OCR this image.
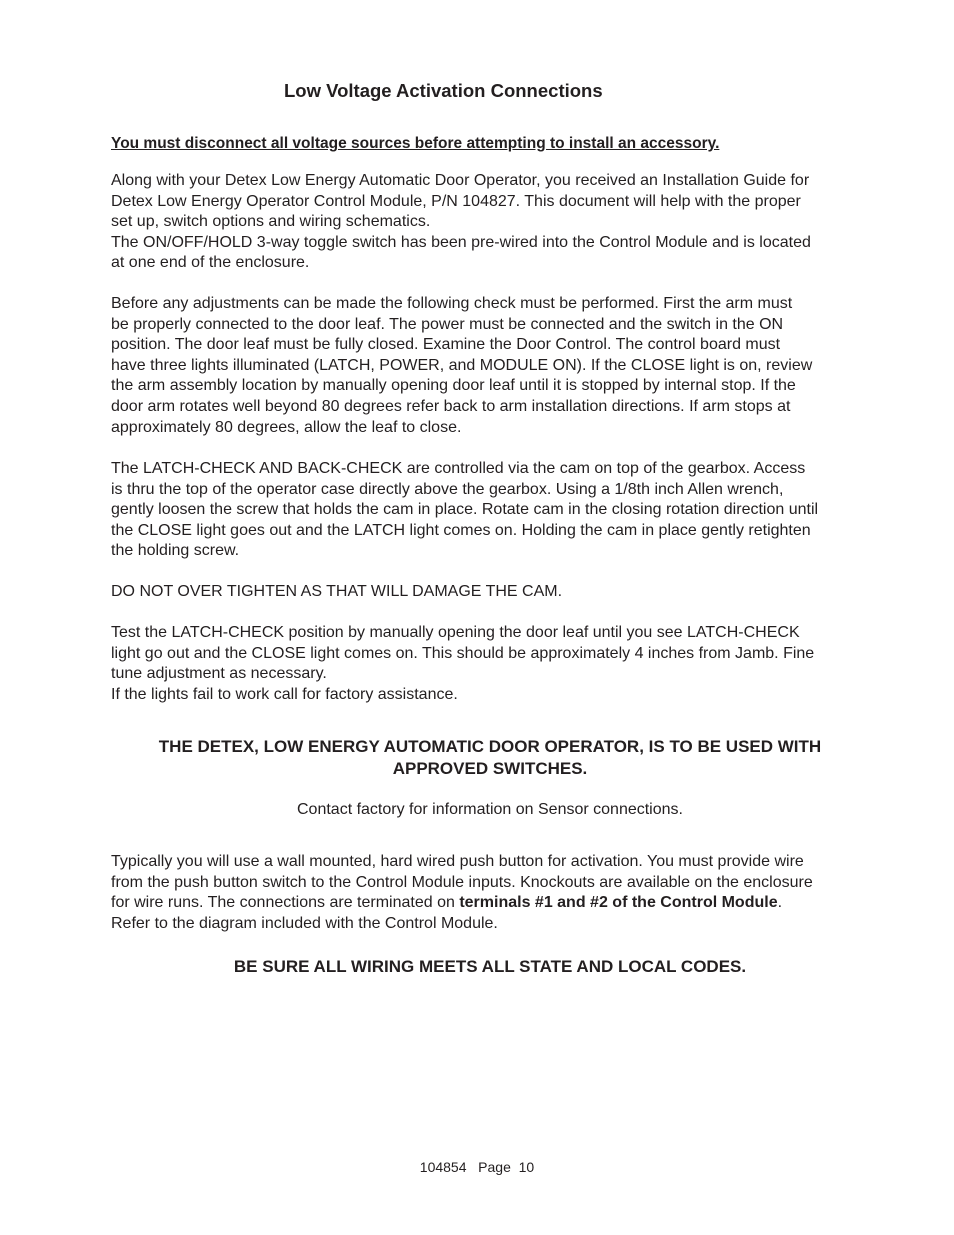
Low Voltage Activation Connections
You must disconnect all voltage sources before attempting to install an accessory.
Along with your Detex Low Energy Automatic Door Operator, you received an Installation Guide for
Detex Low Energy Operator Control Module, P/N 104827. This document will help with the proper
set up, switch options and wiring schematics.
The ON/OFF/HOLD 3-way toggle switch has been pre-wired into the Control Module and is located
at one end of the enclosure.
Before any adjustments can be made the following check must be performed. First the arm must
be properly connected to the door leaf. The power must be connected and the switch in the ON
position. The door leaf must be fully closed. Examine the Door Control. The control board must
have three lights illuminated (LATCH, POWER, and MODULE ON). If the CLOSE light is on, review
the arm assembly location by manually opening door leaf until it is stopped by internal stop. If the
door arm rotates well beyond 80 degrees refer back to arm installation directions. If arm stops at
approximately 80 degrees, allow the leaf to close.
The LATCH-CHECK AND BACK-CHECK are controlled via the cam on top of the gearbox. Access
is thru the top of the operator case directly above the gearbox. Using a 1/8th inch Allen wrench,
gently loosen the screw that holds the cam in place. Rotate cam in the closing rotation direction until
the CLOSE light goes out and the LATCH light comes on. Holding the cam in place gently retighten
the holding screw.
DO NOT OVER TIGHTEN AS THAT WILL DAMAGE THE CAM.
Test the LATCH-CHECK position by manually opening the door leaf until you see LATCH-CHECK
light go out and the CLOSE light comes on. This should be approximately 4 inches from Jamb. Fine
tune adjustment as necessary.
If the lights fail to work call for factory assistance.
THE DETEX, LOW ENERGY AUTOMATIC DOOR OPERATOR, IS TO BE USED WITH
APPROVED SWITCHES.
Contact factory for information on Sensor connections.
Typically you will use a wall mounted, hard wired push button for activation. You must provide wire
from the push button switch to the Control Module inputs. Knockouts are available on the enclosure
for wire runs. The connections are terminated on terminals #1 and #2 of the Control Module.
Refer to the diagram included with the Control Module.
BE SURE ALL WIRING MEETS ALL STATE AND LOCAL CODES.
104854   Page  10
